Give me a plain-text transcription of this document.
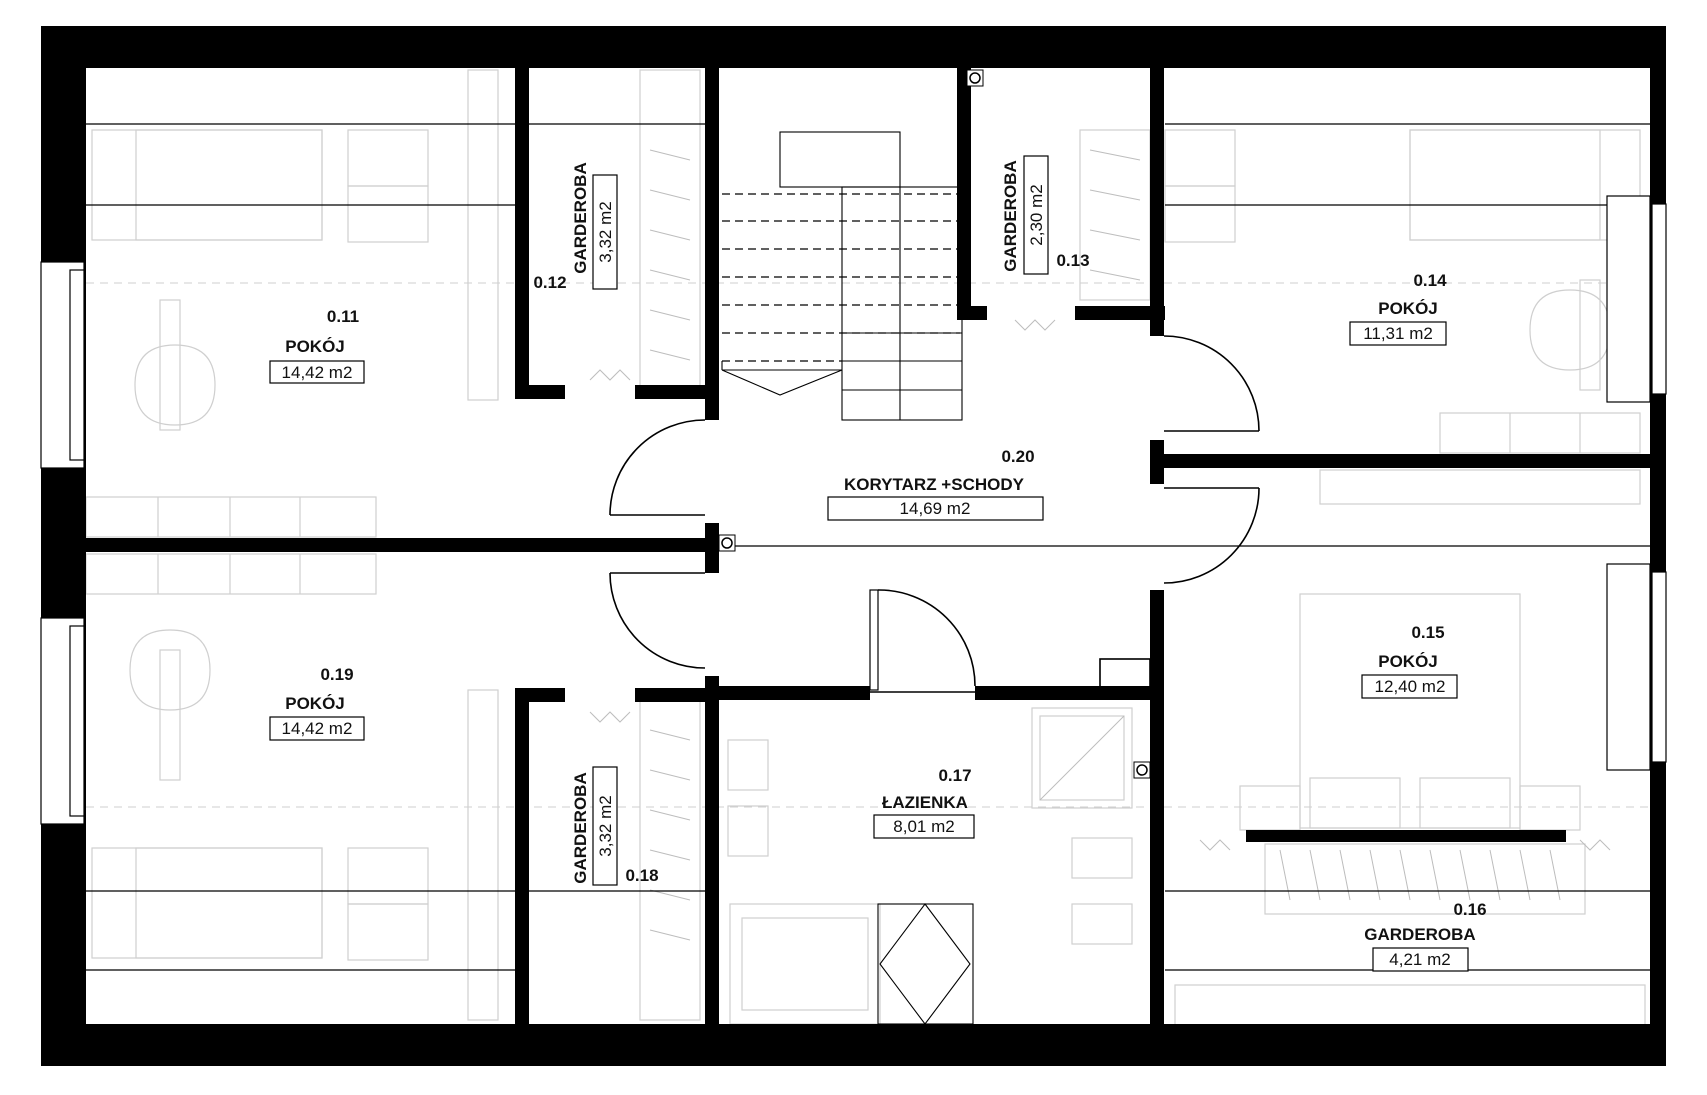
0.11
POKÓJ
14,42 m2
0.12
GARDEROBA 3,32 m2	0.13
GARDEROBA 2,30 m2
0.14
POKÓJ
11,31 m2
0.15
POKÓJ
12,40 m2
0.16
GARDEROBA
4,21 m2
0.17
ŁAZIENKA
8,01 m2
0.18
GARDEROBA 3,32 m2
0.19
POKÓJ
14,42 m2
0.20
KORYTARZ +SCHODY
14,69 m2
